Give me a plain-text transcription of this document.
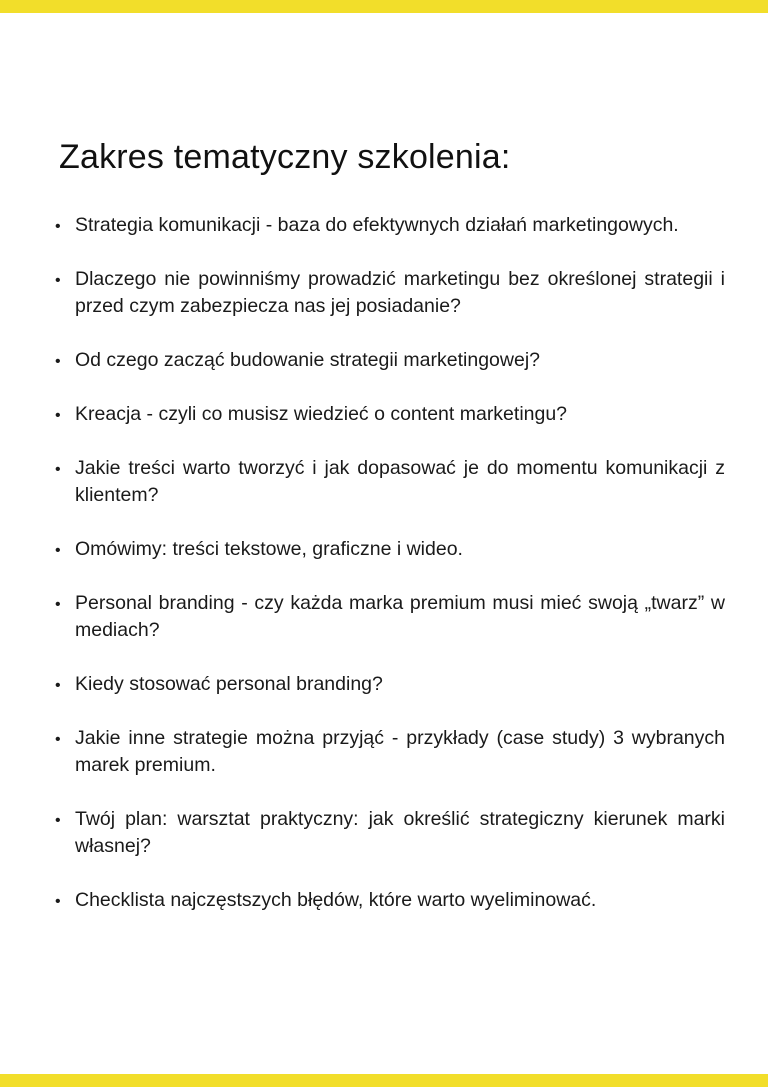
Zakres tematyczny szkolenia:
• Strategia komunikacji - baza do efektywnych działań marketingowych.
• Dlaczego nie powinniśmy prowadzić marketingu bez określonej strategii i przed czym zabezpiecza nas jej posiadanie?
• Od czego zacząć budowanie strategii marketingowej?
• Kreacja - czyli co musisz wiedzieć o content marketingu?
• Jakie treści warto tworzyć i jak dopasować je do momentu komunikacji z klientem?
• Omówimy: treści tekstowe, graficzne i wideo.
• Personal branding - czy każda marka premium musi mieć swoją „twarz” w mediach?
• Kiedy stosować personal branding?
• Jakie inne strategie można przyjąć - przykłady (case study) 3 wybranych marek premium.
• Twój plan: warsztat praktyczny: jak określić strategiczny kierunek marki własnej?
• Checklista najczęstszych błędów, które warto wyeliminować.
